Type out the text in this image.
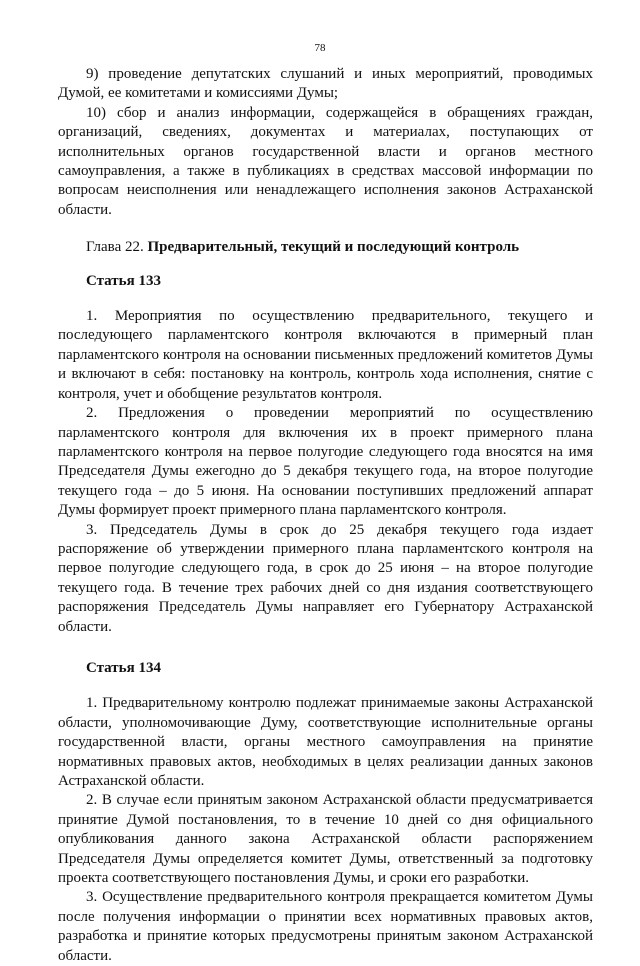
78

9) проведение депутатских слушаний и иных мероприятий, проводимых Думой, ее комитетами и комиссиями Думы;

10) сбор и анализ информации, содержащейся в обращениях граждан, организаций, сведениях, документах и материалах, поступающих от исполнительных органов государственной власти и органов местного самоуправления, а также в публикациях в средствах массовой информации по вопросам неисполнения или ненадлежащего исполнения законов Астраханской области.

Глава 22. Предварительный, текущий и последующий контроль

Статья 133

1. Мероприятия по осуществлению предварительного, текущего и последующего парламентского контроля включаются в примерный план парламентского контроля на основании письменных предложений комитетов Думы и включают в себя: постановку на контроль, контроль хода исполнения, снятие с контроля, учет и обобщение результатов контроля.

2. Предложения о проведении мероприятий по осуществлению парламентского контроля для включения их в проект примерного плана парламентского контроля на первое полугодие следующего года вносятся на имя Председателя Думы ежегодно до 5 декабря текущего года, на второе полугодие текущего года – до 5 июня. На основании поступивших предложений аппарат Думы формирует проект примерного плана парламентского контроля.

3. Председатель Думы в срок до 25 декабря текущего года издает распоряжение об утверждении примерного плана парламентского контроля на первое полугодие следующего года, в срок до 25 июня – на второе полугодие текущего года. В течение трех рабочих дней со дня издания соответствующего распоряжения Председатель Думы направляет его Губернатору Астраханской области.

Статья 134

1. Предварительному контролю подлежат принимаемые законы Астраханской области, уполномочивающие Думу, соответствующие исполнительные органы государственной власти, органы местного самоуправления на принятие нормативных правовых актов, необходимых в целях реализации данных законов Астраханской области.

2. В случае если принятым законом Астраханской области предусматривается принятие Думой постановления, то в течение 10 дней со дня официального опубликования данного закона Астраханской области распоряжением Председателя Думы определяется комитет Думы, ответственный за подготовку проекта соответствующего постановления Думы, и сроки его разработки.

3. Осуществление предварительного контроля прекращается комитетом Думы после получения информации о принятии всех нормативных правовых актов, разработка и принятие которых предусмотрены принятым законом Астраханской области.
